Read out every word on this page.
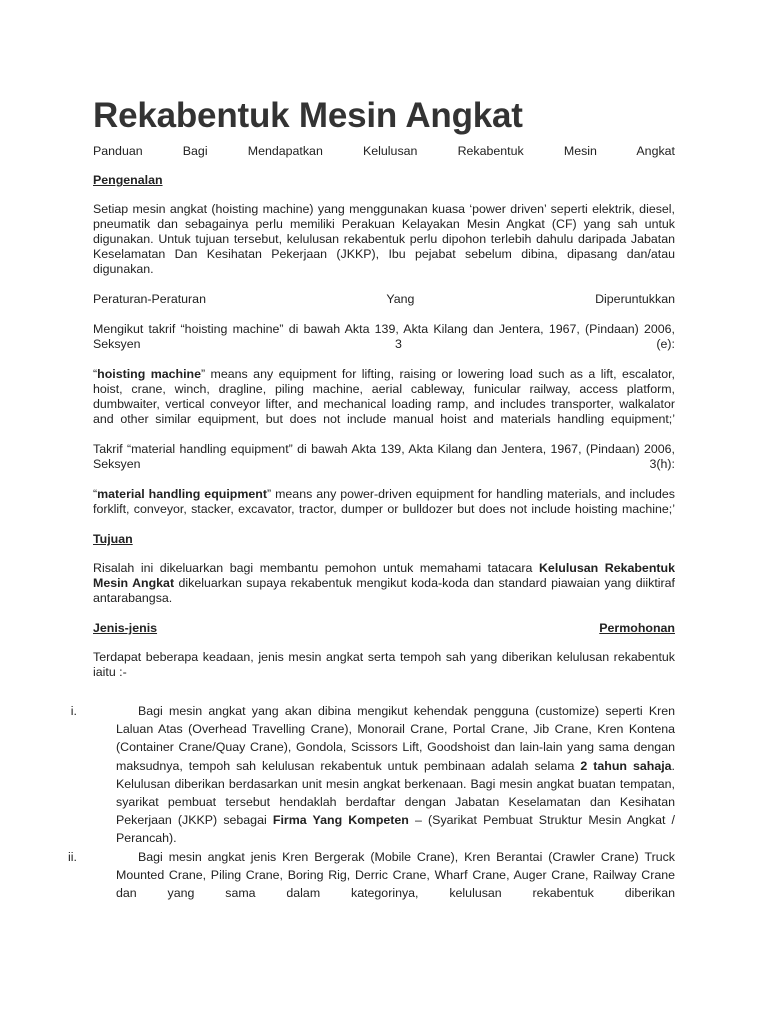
Rekabentuk Mesin Angkat
Panduan Bagi Mendapatkan Kelulusan Rekabentuk Mesin Angkat
Pengenalan
Setiap mesin angkat (hoisting machine) yang menggunakan kuasa ‘power driven’ seperti elektrik, diesel, pneumatik dan sebagainya perlu memiliki Perakuan Kelayakan Mesin Angkat (CF) yang sah untuk digunakan. Untuk tujuan tersebut, kelulusan rekabentuk perlu dipohon terlebih dahulu daripada Jabatan Keselamatan Dan Kesihatan Pekerjaan (JKKP), Ibu pejabat sebelum dibina, dipasang dan/atau digunakan.
Peraturan-Peraturan Yang Diperuntukkan
Mengikut takrif “hoisting machine” di bawah Akta 139, Akta Kilang dan Jentera, 1967, (Pindaan) 2006, Seksyen 3 (e):
“hoisting machine” means any equipment for lifting, raising or lowering load such as a lift, escalator, hoist, crane, winch, dragline, piling machine, aerial cableway, funicular railway, access platform, dumbwaiter, vertical conveyor lifter, and mechanical loading ramp, and includes transporter, walkalator and other similar equipment, but does not include manual hoist and materials handling equipment;’
Takrif “material handling equipment” di bawah Akta 139, Akta Kilang dan Jentera, 1967, (Pindaan) 2006, Seksyen 3(h):
“material handling equipment” means any power-driven equipment for handling materials, and includes forklift, conveyor, stacker, excavator, tractor, dumper or bulldozer but does not include hoisting machine;’
Tujuan
Risalah ini dikeluarkan bagi membantu pemohon untuk memahami tatacara Kelulusan Rekabentuk Mesin Angkat dikeluarkan supaya rekabentuk mengikut koda-koda dan standard piawaian yang diiktiraf antarabangsa.
Jenis-jenis	Permohonan
Terdapat beberapa keadaan, jenis mesin angkat serta tempoh sah yang diberikan kelulusan rekabentuk iaitu :-
i.	Bagi mesin angkat yang akan dibina mengikut kehendak pengguna (customize) seperti Kren Laluan Atas (Overhead Travelling Crane), Monorail Crane, Portal Crane, Jib Crane, Kren Kontena (Container Crane/Quay Crane), Gondola, Scissors Lift, Goodshoist dan lain-lain yang sama dengan maksudnya, tempoh sah kelulusan rekabentuk untuk pembinaan adalah selama 2 tahun sahaja. Kelulusan diberikan berdasarkan unit mesin angkat berkenaan. Bagi mesin angkat buatan tempatan, syarikat pembuat tersebut hendaklah berdaftar dengan Jabatan Keselamatan dan Kesihatan Pekerjaan (JKKP) sebagai Firma Yang Kompeten – (Syarikat Pembuat Struktur Mesin Angkat / Perancah).
ii.	Bagi mesin angkat jenis Kren Bergerak (Mobile Crane), Kren Berantai (Crawler Crane) Truck Mounted Crane, Piling Crane, Boring Rig, Derric Crane, Wharf Crane, Auger Crane, Railway Crane dan yang sama dalam kategorinya, kelulusan rekabentuk diberikan
